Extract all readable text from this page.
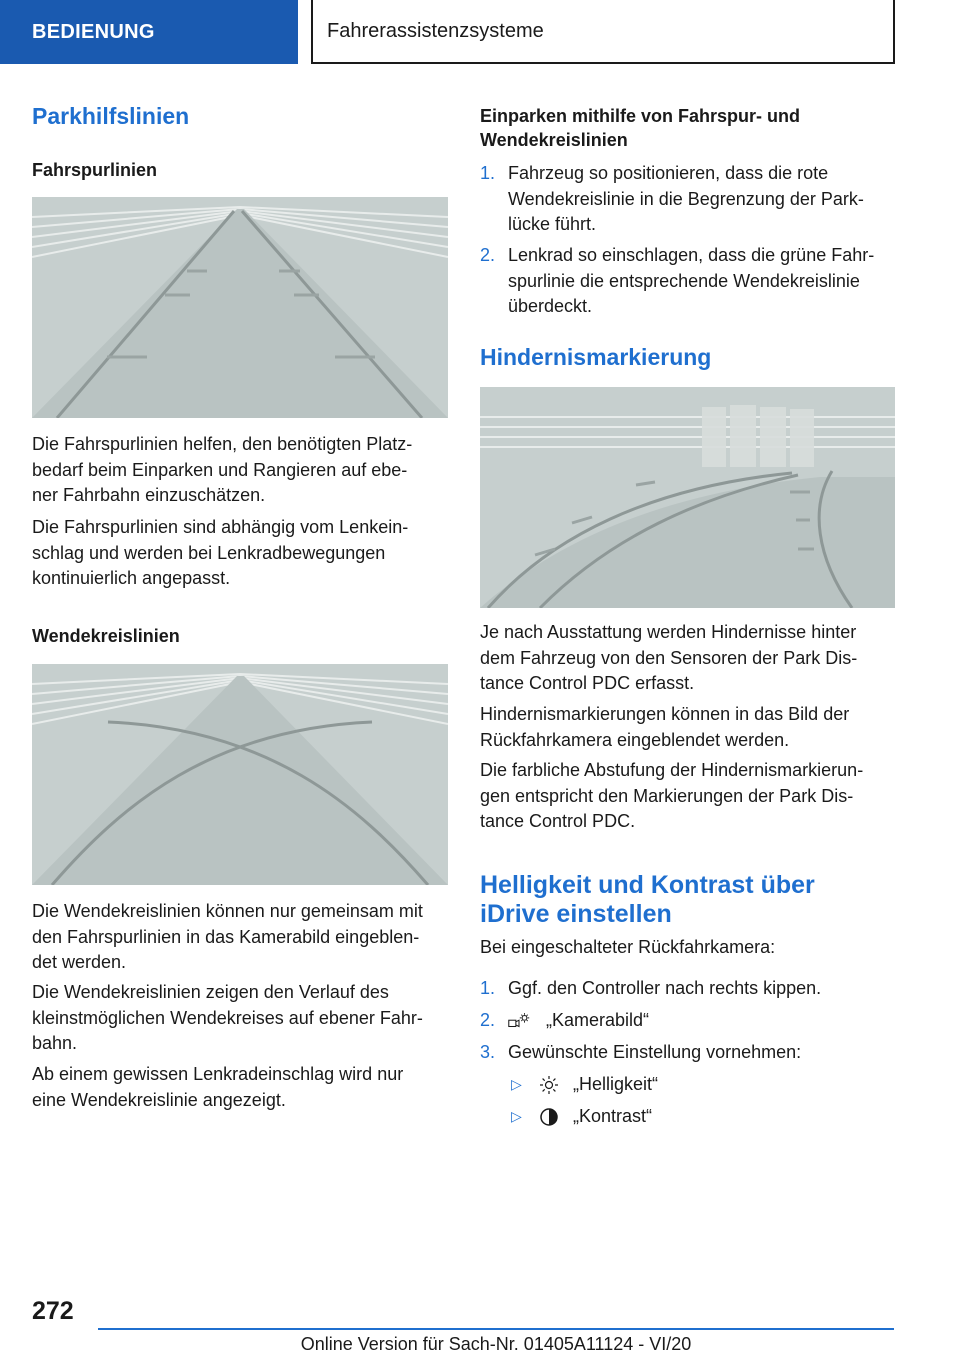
BEDIENUNG	Fahrerassistenzsysteme
Parkhilfslinien
Fahrspurlinien
Die Fahrspurlinien helfen, den benötigten Platz-
bedarf beim Einparken und Rangieren auf ebe-
ner Fahrbahn einzuschätzen.
Die Fahrspurlinien sind abhängig vom Lenkein-
schlag und werden bei Lenkradbewegungen
kontinuierlich angepasst.
Wendekreislinien
Die Wendekreislinien können nur gemeinsam mit
den Fahrspurlinien in das Kamerabild eingeblen-
det werden.
Die Wendekreislinien zeigen den Verlauf des
kleinstmöglichen Wendekreises auf ebener Fahr-
bahn.
Ab einem gewissen Lenkradeinschlag wird nur
eine Wendekreislinie angezeigt.
Einparken mithilfe von Fahrspur- und
Wendekreislinien
1. Fahrzeug so positionieren, dass die rote
Wendekreislinie in die Begrenzung der Park-
lücke führt.
2. Lenkrad so einschlagen, dass die grüne Fahr-
spurlinie die entsprechende Wendekreislinie
überdeckt.
Hindernismarkierung
Je nach Ausstattung werden Hindernisse hinter
dem Fahrzeug von den Sensoren der Park Dis-
tance Control PDC erfasst.
Hindernismarkierungen können in das Bild der
Rückfahrkamera eingeblendet werden.
Die farbliche Abstufung der Hindernismarkierun-
gen entspricht den Markierungen der Park Dis-
tance Control PDC.
Helligkeit und Kontrast über
iDrive einstellen
Bei eingeschalteter Rückfahrkamera:
1. Ggf. den Controller nach rechts kippen.
2.	„Kamerabild“
3. Gewünschte Einstellung vornehmen:
▷	„Helligkeit“
▷	„Kontrast“
272
Online Version für Sach-Nr. 01405A11124 - VI/20
